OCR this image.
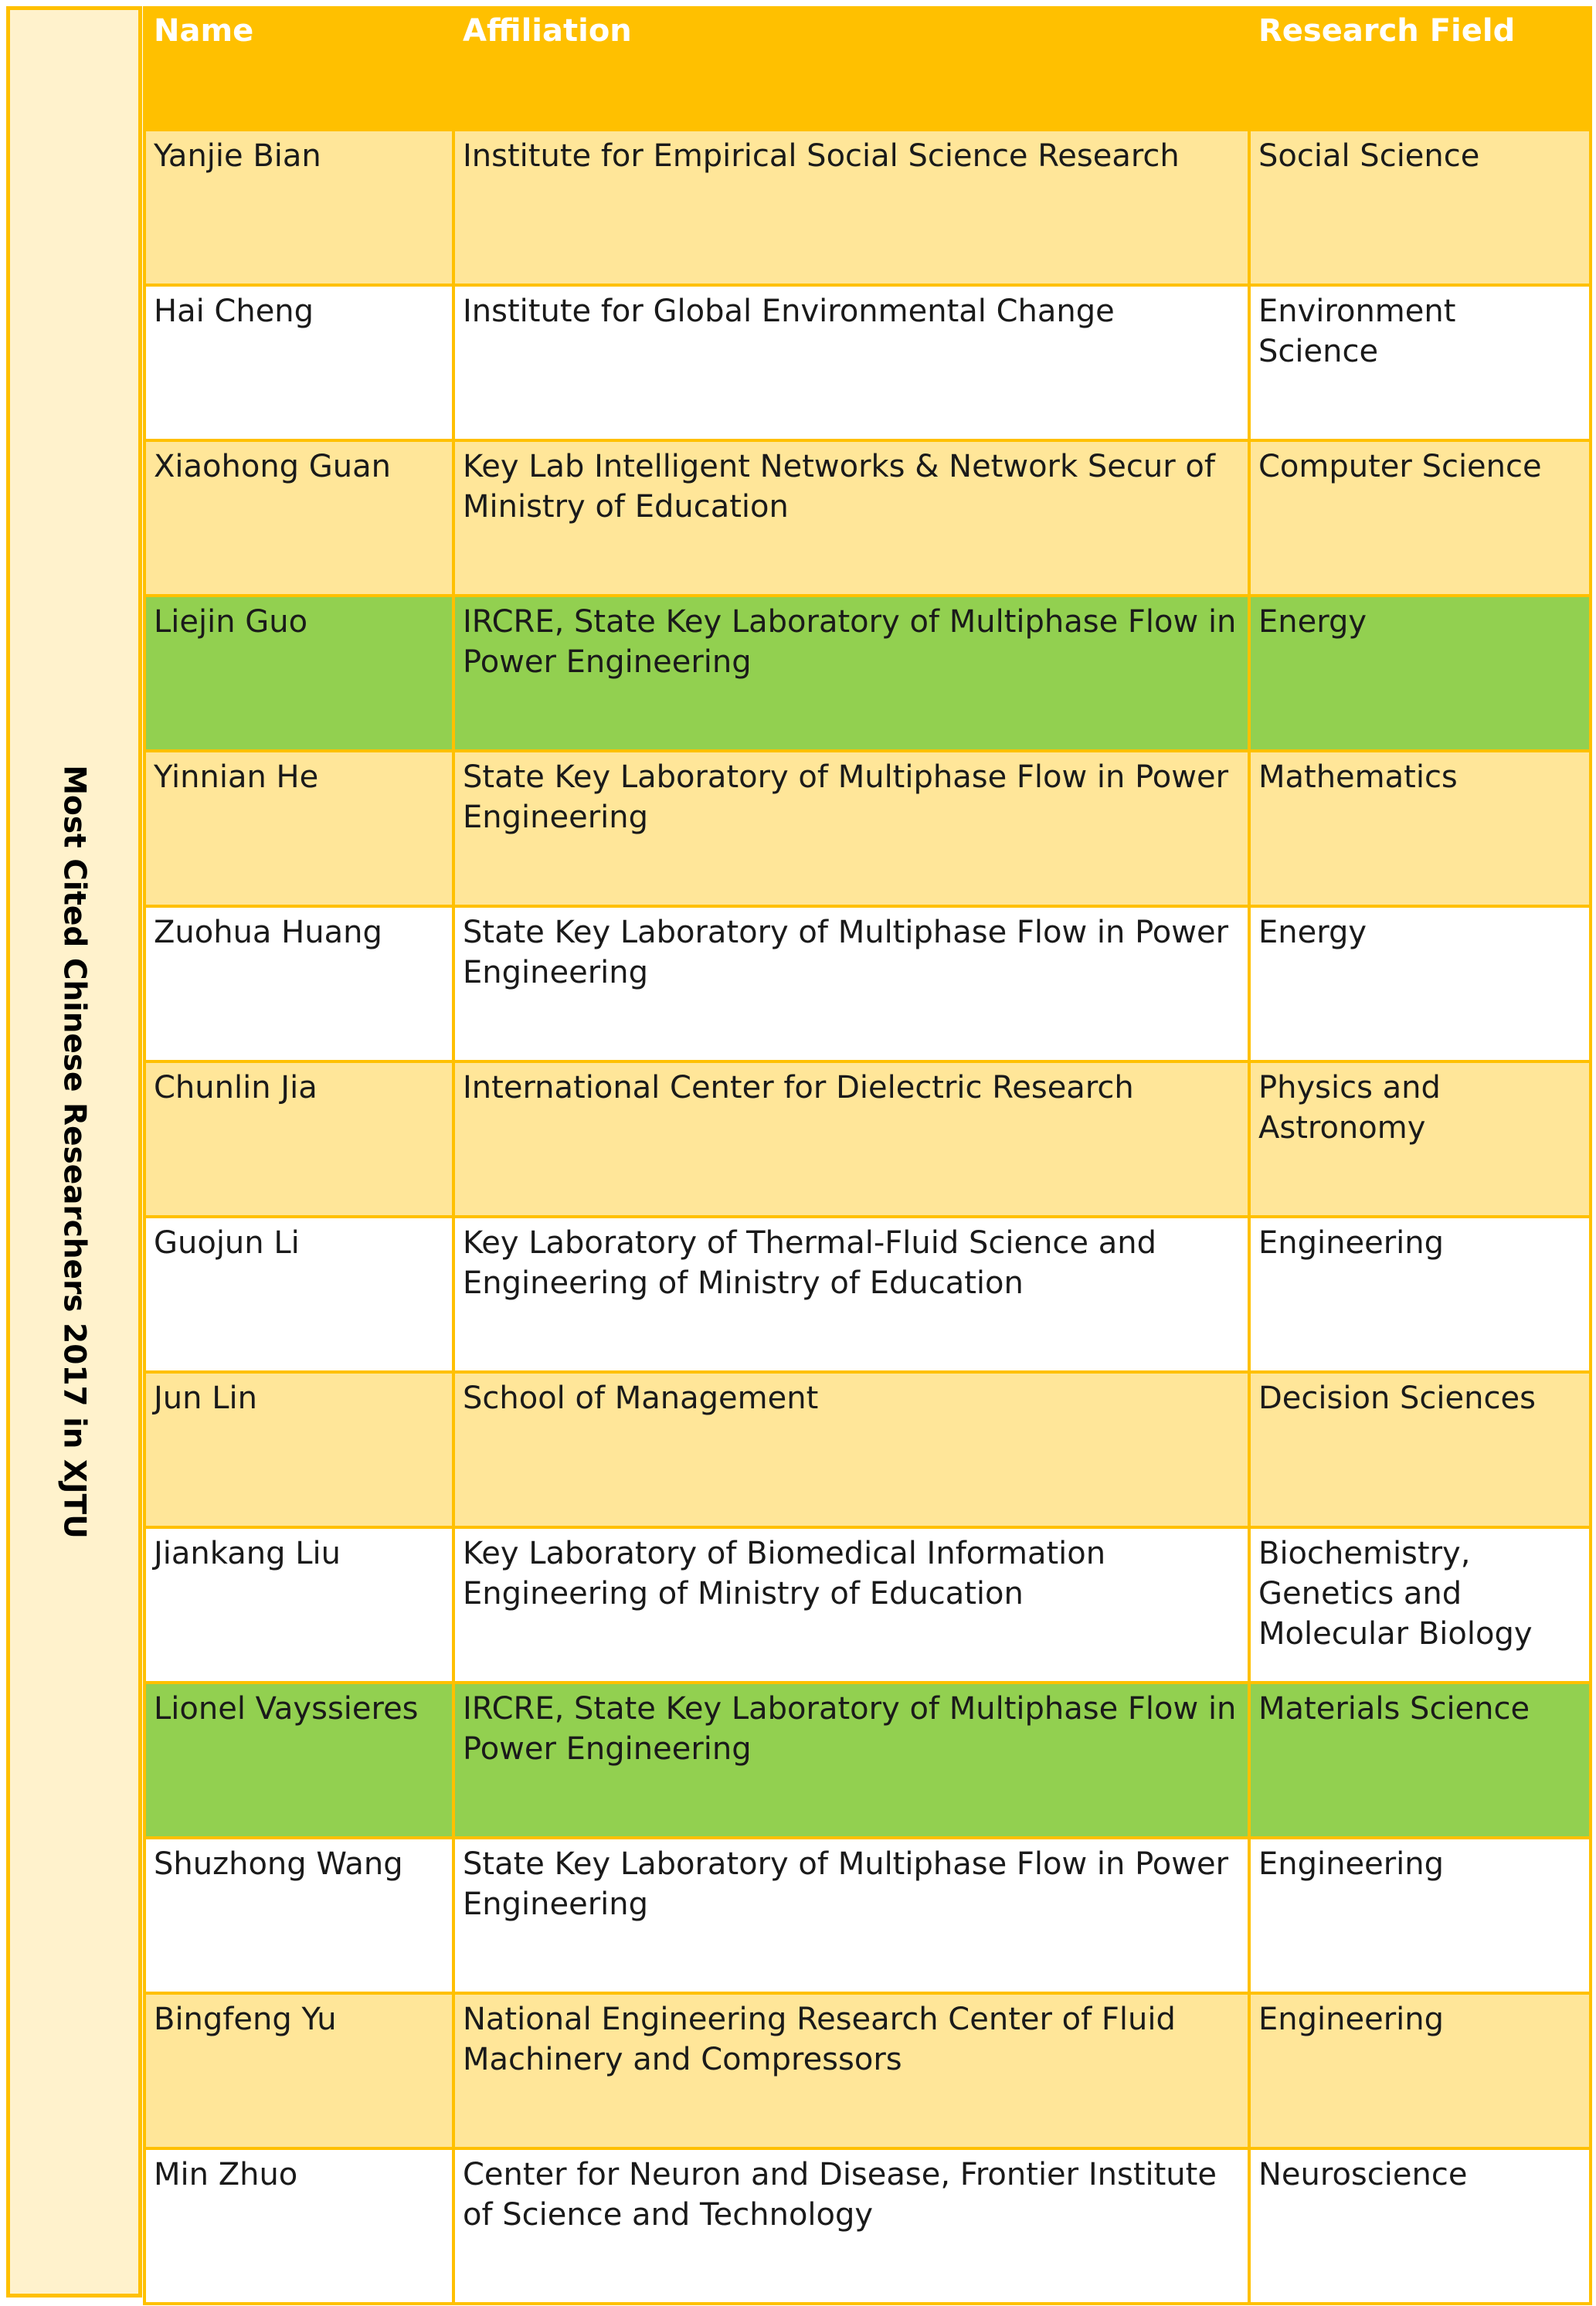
Most Cited Chinese Researchers 2017 in XJTU
Name	Affiliation	Research Field
Yanjie Bian	Institute for Empirical Social Science Research	Social Science
Hai Cheng	Institute for Global Environmental Change	Environment Science
Xiaohong Guan	Key Lab Intelligent Networks & Network Secur of Ministry of Education	Computer Science
Liejin Guo	IRCRE, State Key Laboratory of Multiphase Flow in Power Engineering	Energy
Yinnian He	State Key Laboratory of Multiphase Flow in Power Engineering	Mathematics
Zuohua Huang	State Key Laboratory of Multiphase Flow in Power Engineering	Energy
Chunlin Jia	International Center for Dielectric Research	Physics and Astronomy
Guojun Li	Key Laboratory of Thermal-Fluid Science and Engineering of Ministry of Education	Engineering
Jun Lin	School of Management	Decision Sciences
Jiankang Liu	Key Laboratory of Biomedical Information Engineering of Ministry of Education	Biochemistry, Genetics and Molecular Biology
Lionel Vayssieres	IRCRE, State Key Laboratory of Multiphase Flow in Power Engineering	Materials Science
Shuzhong Wang	State Key Laboratory of Multiphase Flow in Power Engineering	Engineering
Bingfeng Yu	National Engineering Research Center of Fluid Machinery and Compressors	Engineering
Min Zhuo	Center for Neuron and Disease, Frontier Institute of Science and Technology	Neuroscience
